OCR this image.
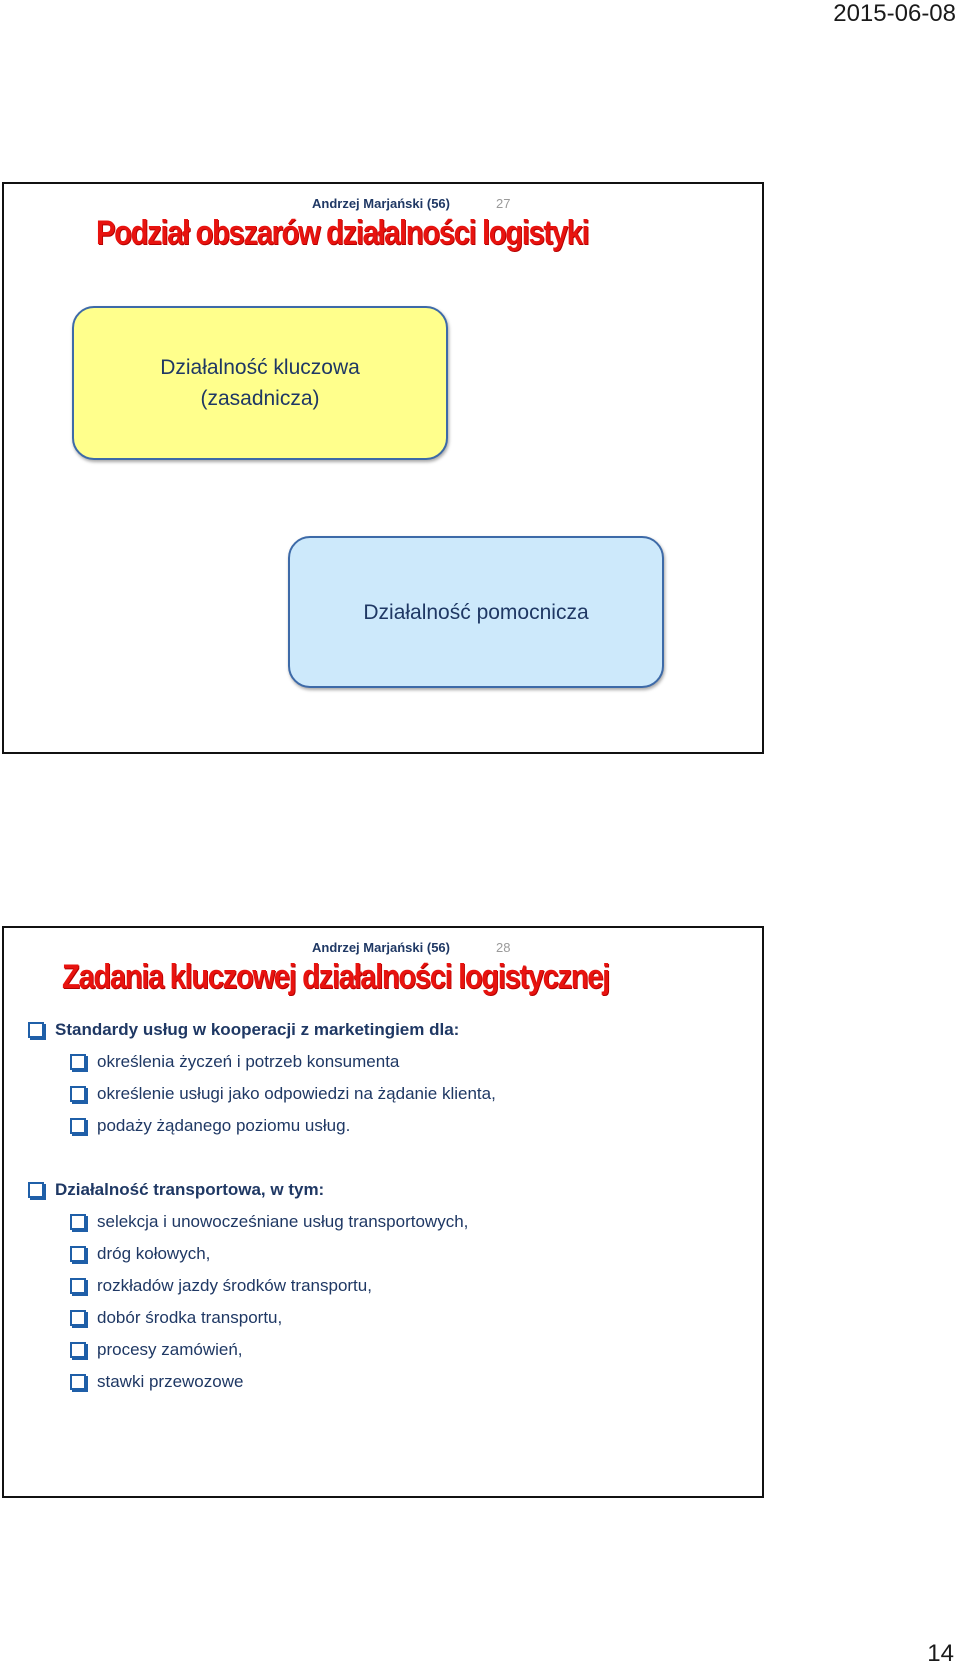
2015-06-08
Andrzej Marjański (56)	27
Podział obszarów działalności logistyki
Działalność kluczowa
(zasadnicza)
Działalność pomocnicza
Andrzej Marjański (56)	28
Zadania kluczowej działalności logistycznej
Standardy usług w kooperacji z marketingiem dla:
określenia życzeń i potrzeb konsumenta
określenie usługi jako odpowiedzi na żądanie klienta,
podaży żądanego poziomu usług.
Działalność transportowa, w tym:
selekcja i unowocześniane usług transportowych,
dróg kołowych,
rozkładów jazdy środków transportu,
dobór środka transportu,
procesy zamówień,
stawki przewozowe
14
